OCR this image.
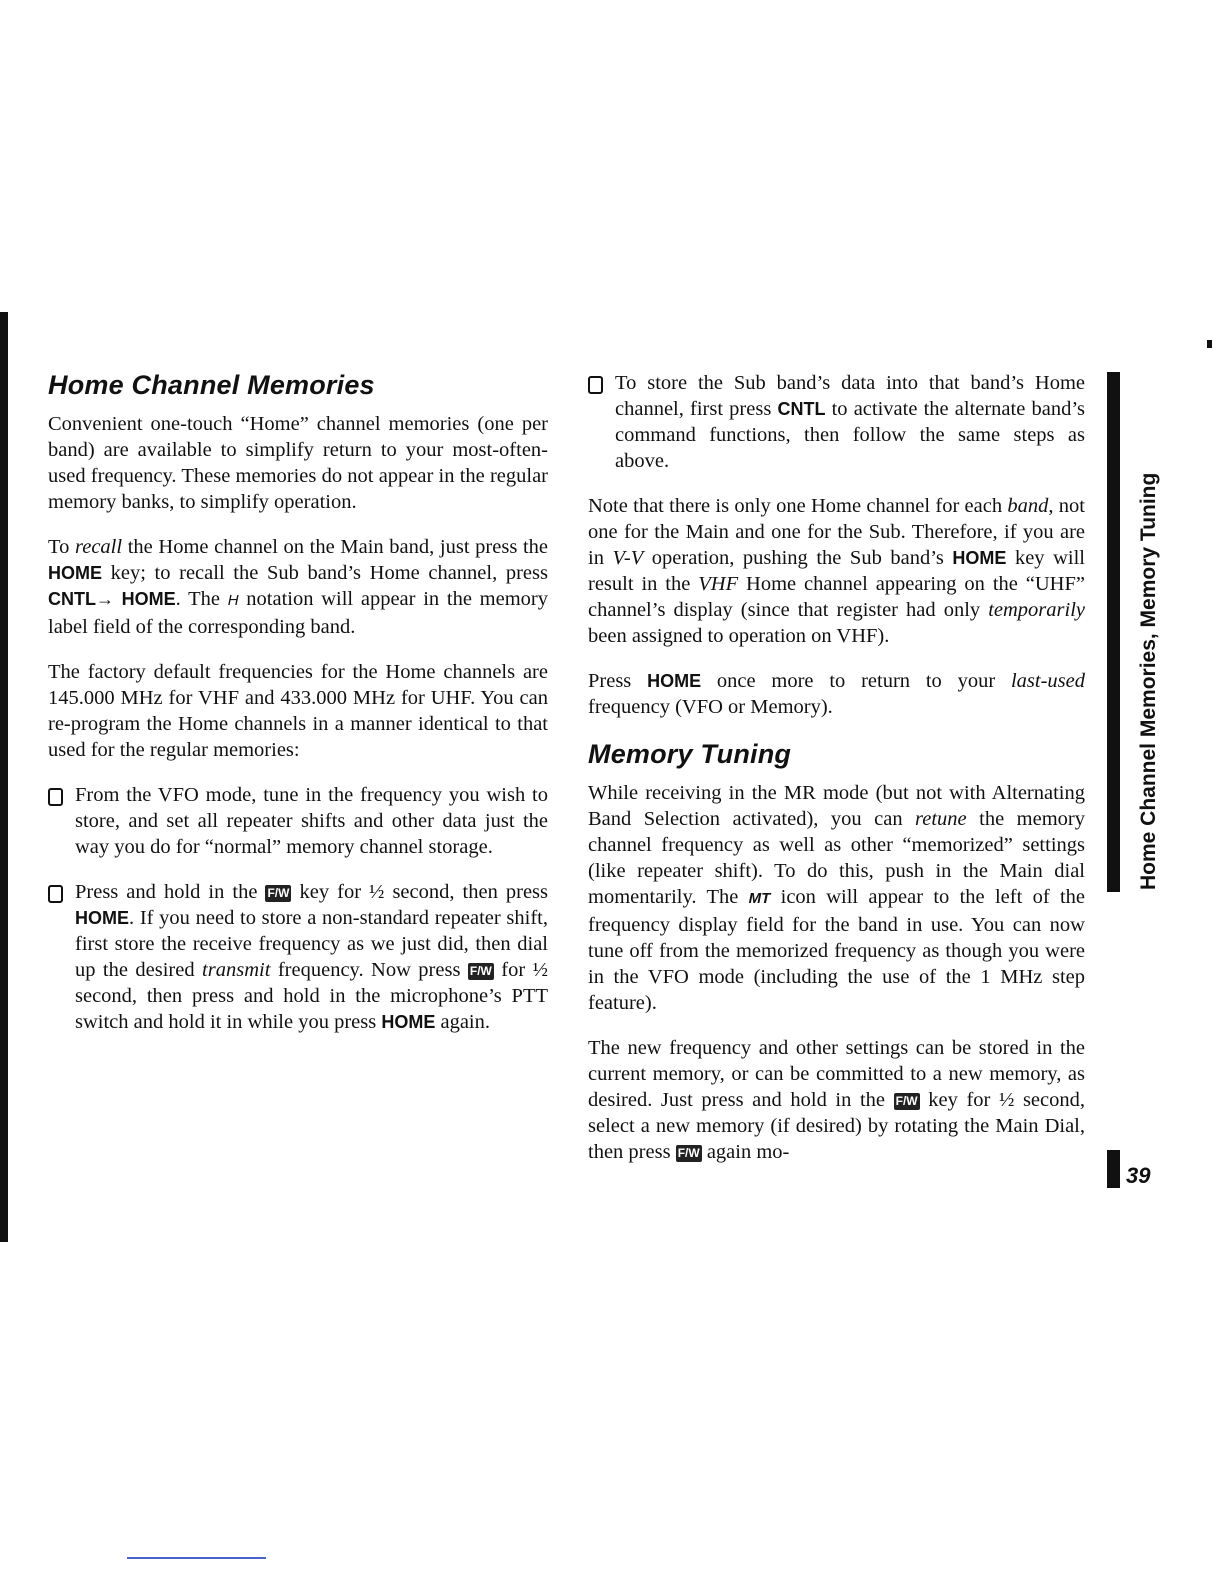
Home Channel Memories

Convenient one-touch “Home” channel memories (one per band) are available to simplify return to your most-often-used frequency. These memories do not appear in the regular memory banks, to simplify operation.

To recall the Home channel on the Main band, just press the HOME key; to recall the Sub band’s Home channel, press CNTL→ HOME. The H notation will appear in the memory label field of the corresponding band.

The factory default frequencies for the Home channels are 145.000 MHz for VHF and 433.000 MHz for UHF. You can re-program the Home channels in a manner identical to that used for the regular memories:

From the VFO mode, tune in the frequency you wish to store, and set all repeater shifts and other data just the way you do for “normal” memory channel storage.

Press and hold in the F/W key for ½ second, then press HOME. If you need to store a non-standard repeater shift, first store the receive frequency as we just did, then dial up the desired transmit frequency. Now press F/W for ½ second, then press and hold in the microphone’s PTT switch and hold it in while you press HOME again.

To store the Sub band’s data into that band’s Home channel, first press CNTL to activate the alternate band’s command functions, then follow the same steps as above.

Note that there is only one Home channel for each band, not one for the Main and one for the Sub. Therefore, if you are in V-V operation, pushing the Sub band’s HOME key will result in the VHF Home channel appearing on the “UHF” channel’s display (since that register had only temporarily been assigned to operation on VHF).

Press HOME once more to return to your last-used frequency (VFO or Memory).

Memory Tuning

While receiving in the MR mode (but not with Alternating Band Selection activated), you can retune the memory channel frequency as well as other “memorized” settings (like repeater shift). To do this, push in the Main dial momentarily. The MT icon will appear to the left of the frequency display field for the band in use. You can now tune off from the memorized frequency as though you were in the VFO mode (including the use of the 1 MHz step feature).

The new frequency and other settings can be stored in the current memory, or can be committed to a new memory, as desired. Just press and hold in the F/W key for ½ second, select a new memory (if desired) by rotating the Main Dial, then press F/W again mo-

Home Channel Memories, Memory Tuning
39
